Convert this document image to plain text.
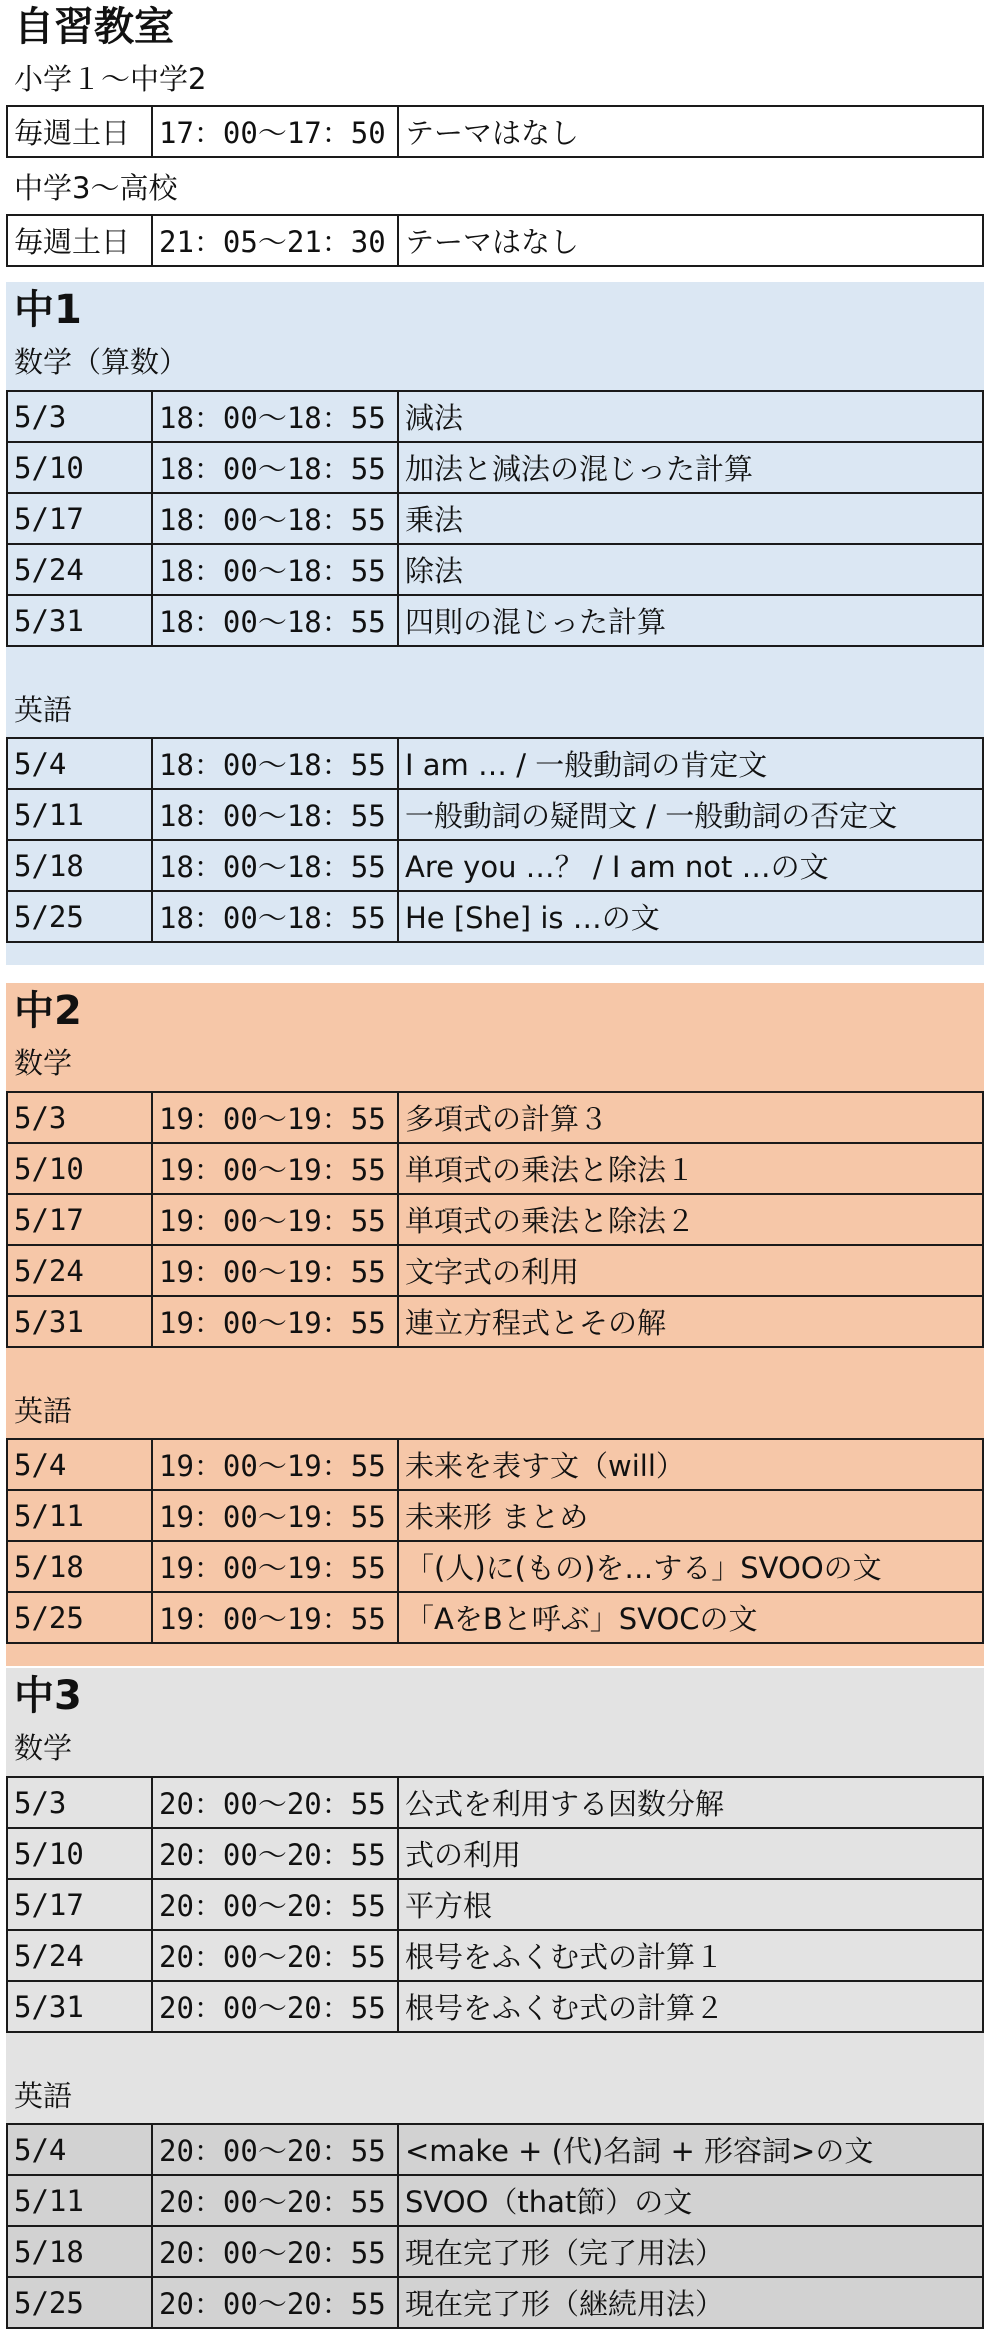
自習教室
小学１～中学2
毎週土日	17：00～17：50	テーマはなし
中学3～高校
毎週土日	21：05～21：30	テーマはなし
中1
数学（算数）
5/3	18：00～18：55	減法
5/10	18：00～18：55	加法と減法の混じった計算
5/17	18：00～18：55	乗法
5/24	18：00～18：55	除法
5/31	18：00～18：55	四則の混じった計算
英語
5/4	18：00～18：55	I am … / 一般動詞の肯定文
5/11	18：00～18：55	一般動詞の疑問文 / 一般動詞の否定文
5/18	18：00～18：55	Are you …？ / I am not …の文
5/25	18：00～18：55	He [She] is …の文
中2
数学
5/3	19：00～19：55	多項式の計算３
5/10	19：00～19：55	単項式の乗法と除法１
5/17	19：00～19：55	単項式の乗法と除法２
5/24	19：00～19：55	文字式の利用
5/31	19：00～19：55	連立方程式とその解
英語
5/4	19：00～19：55	未来を表す文（will）
5/11	19：00～19：55	未来形 まとめ
5/18	19：00～19：55	「(人)に(もの)を…する」SVOOの文
5/25	19：00～19：55	「AをBと呼ぶ」SVOCの文
中3
数学
5/3	20：00～20：55	公式を利用する因数分解
5/10	20：00～20：55	式の利用
5/17	20：00～20：55	平方根
5/24	20：00～20：55	根号をふくむ式の計算１
5/31	20：00～20：55	根号をふくむ式の計算２
英語
5/4	20：00～20：55	<make + (代)名詞 + 形容詞>の文
5/11	20：00～20：55	SVOO（that節）の文
5/18	20：00～20：55	現在完了形（完了用法）
5/25	20：00～20：55	現在完了形（継続用法）
